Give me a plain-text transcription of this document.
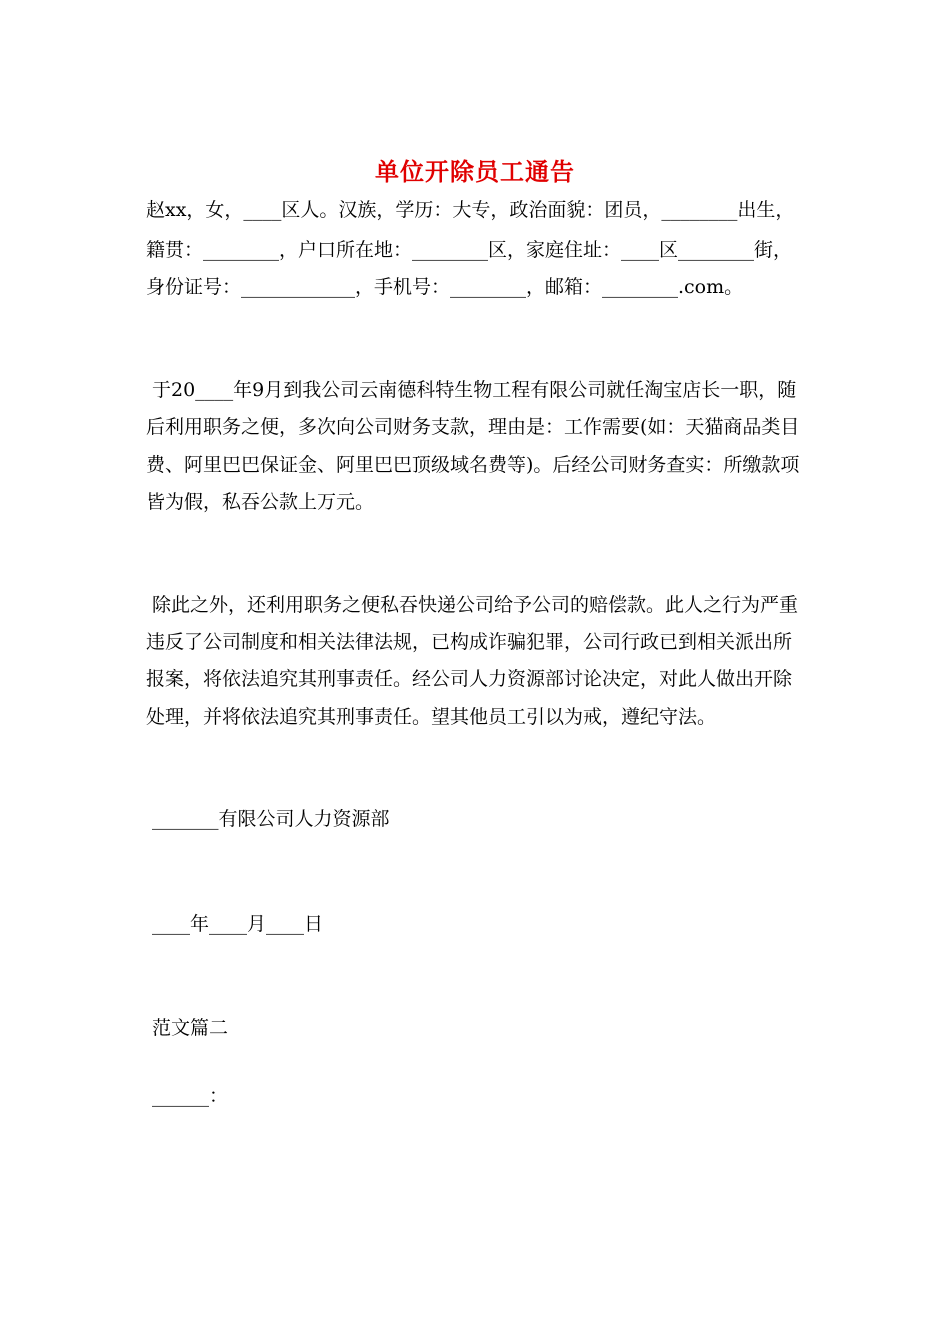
单位开除员工通告
赵xx，女，____区人。汉族，学历：大专，政治面貌：团员，________出生，
籍贯：________，户口所在地：________区，家庭住址：____区________街，
身份证号：____________，手机号：________，邮箱：________.com。
于20____年9月到我公司云南德科特生物工程有限公司就任淘宝店长一职，随
后利用职务之便，多次向公司财务支款，理由是：工作需要(如：天猫商品类目
费、阿里巴巴保证金、阿里巴巴顶级域名费等)。后经公司财务查实：所缴款项
皆为假，私吞公款上万元。
除此之外，还利用职务之便私吞快递公司给予公司的赔偿款。此人之行为严重
违反了公司制度和相关法律法规，已构成诈骗犯罪，公司行政已到相关派出所
报案，将依法追究其刑事责任。经公司人力资源部讨论决定，对此人做出开除
处理，并将依法追究其刑事责任。望其他员工引以为戒，遵纪守法。
_______有限公司人力资源部
____年____月____日
范文篇二
______：
